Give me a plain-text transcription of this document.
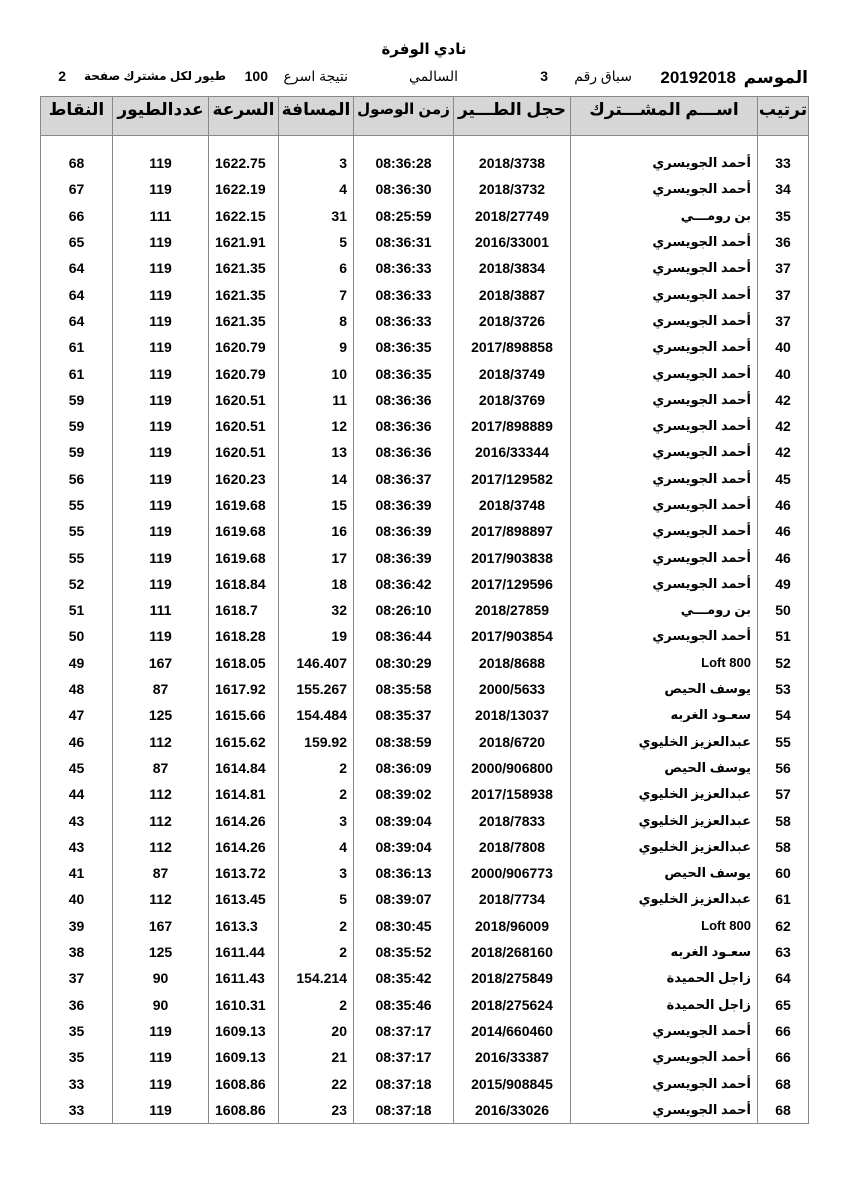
نادي الوفرة
الموسم
20192018
سباق رقم
3
السالمي
نتيجة اسرع
100
طيور لكل مشترك صفحة
2
ترتيب	اســـم المشـــترك	حجل الطـــير	زمن الوصول	المسافة	السرعة	عددالطيور	النقاط

33	أحمد الجويسري	2018/3738	08:36:28	3	1622.75	119	68
34	أحمد الجويسري	2018/3732	08:36:30	4	1622.19	119	67
35	بن رومـــي	2018/27749	08:25:59	31	1622.15	111	66
36	أحمد الجويسري	2016/33001	08:36:31	5	1621.91	119	65
37	أحمد الجويسري	2018/3834	08:36:33	6	1621.35	119	64
37	أحمد الجويسري	2018/3887	08:36:33	7	1621.35	119	64
37	أحمد الجويسري	2018/3726	08:36:33	8	1621.35	119	64
40	أحمد الجويسري	2017/898858	08:36:35	9	1620.79	119	61
40	أحمد الجويسري	2018/3749	08:36:35	10	1620.79	119	61
42	أحمد الجويسري	2018/3769	08:36:36	11	1620.51	119	59
42	أحمد الجويسري	2017/898889	08:36:36	12	1620.51	119	59
42	أحمد الجويسري	2016/33344	08:36:36	13	1620.51	119	59
45	أحمد الجويسري	2017/129582	08:36:37	14	1620.23	119	56
46	أحمد الجويسري	2018/3748	08:36:39	15	1619.68	119	55
46	أحمد الجويسري	2017/898897	08:36:39	16	1619.68	119	55
46	أحمد الجويسري	2017/903838	08:36:39	17	1619.68	119	55
49	أحمد الجويسري	2017/129596	08:36:42	18	1618.84	119	52
50	بن رومـــي	2018/27859	08:26:10	32	1618.7	111	51
51	أحمد الجويسري	2017/903854	08:36:44	19	1618.28	119	50
52	Loft 800	2018/8688	08:30:29	146.407	1618.05	167	49
53	يوسف الحيص	2000/5633	08:35:58	155.267	1617.92	87	48
54	سعـود الغربه	2018/13037	08:35:37	154.484	1615.66	125	47
55	عبدالعزيز الخليوي	2018/6720	08:38:59	159.92	1615.62	112	46
56	يوسف الحيص	2000/906800	08:36:09	2	1614.84	87	45
57	عبدالعزيز الخليوي	2017/158938	08:39:02	2	1614.81	112	44
58	عبدالعزيز الخليوي	2018/7833	08:39:04	3	1614.26	112	43
58	عبدالعزيز الخليوي	2018/7808	08:39:04	4	1614.26	112	43
60	يوسف الحيص	2000/906773	08:36:13	3	1613.72	87	41
61	عبدالعزيز الخليوي	2018/7734	08:39:07	5	1613.45	112	40
62	Loft 800	2018/96009	08:30:45	2	1613.3	167	39
63	سعـود الغربه	2018/268160	08:35:52	2	1611.44	125	38
64	زاجل الحميدة	2018/275849	08:35:42	154.214	1611.43	90	37
65	زاجل الحميدة	2018/275624	08:35:46	2	1610.31	90	36
66	أحمد الجويسري	2014/660460	08:37:17	20	1609.13	119	35
66	أحمد الجويسري	2016/33387	08:37:17	21	1609.13	119	35
68	أحمد الجويسري	2015/908845	08:37:18	22	1608.86	119	33
68	أحمد الجويسري	2016/33026	08:37:18	23	1608.86	119	33
